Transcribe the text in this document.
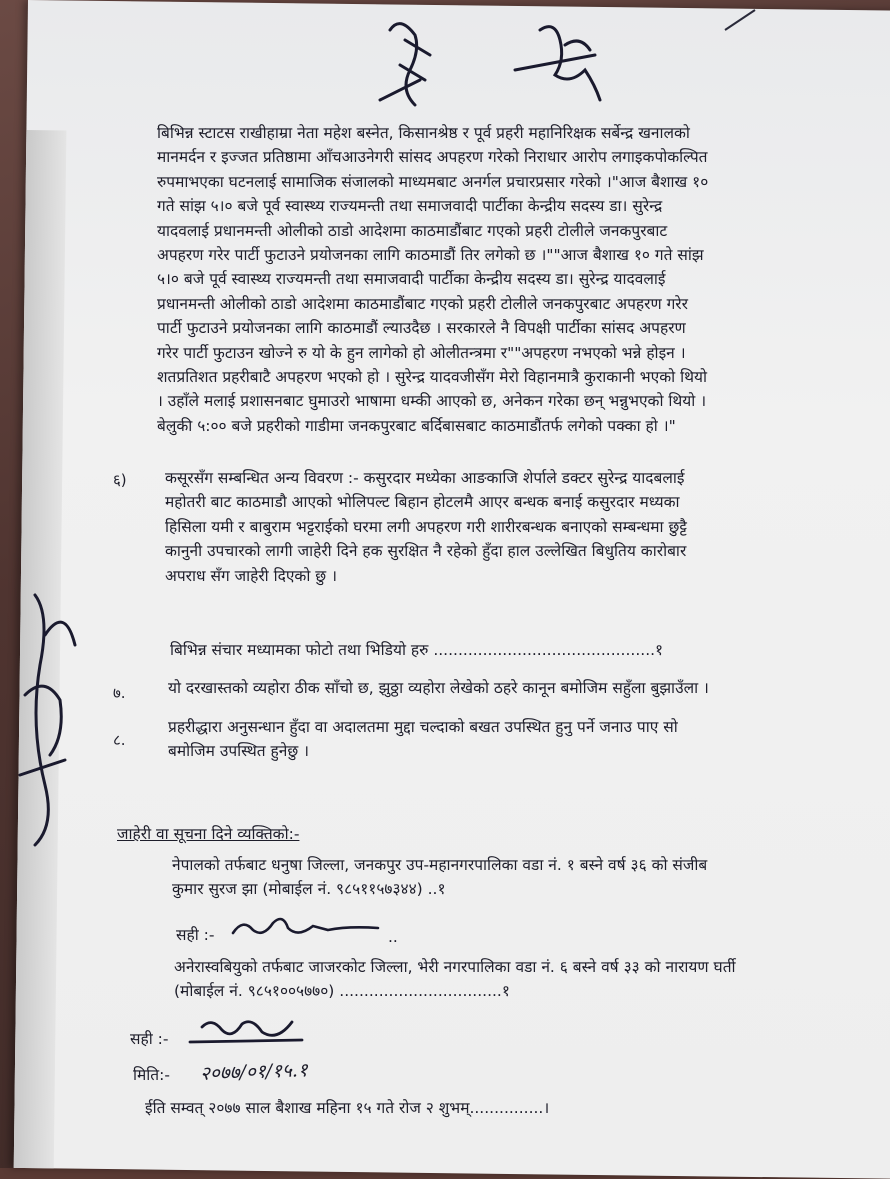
बिभिन्न स्टाटस राखीहाम्रा नेता महेश बस्नेत, किसानश्रेष्ठ र पूर्व प्रहरी महानिरिक्षक सर्बेन्द्र खनालको
मानमर्दन र इज्जत प्रतिष्ठामा आँचआउनेगरी सांसद अपहरण गरेको निराधार आरोप लगाइकपोकल्पित
रुपमाभएका घटनलाई सामाजिक संजालको माध्यमबाट अनर्गल प्रचारप्रसार गरेको ।"आज बैशाख १०
गते सांझ ५।० बजे पूर्व स्वास्थ्य राज्यमन्ती तथा समाजवादी पार्टीका केन्द्रीय सदस्य डा। सुरेन्द्र
यादवलाई प्रधानमन्ती ओलीको ठाडो आदेशमा काठमाडौंबाट गएको प्रहरी टोलीले जनकपुरबाट
अपहरण गरेर पार्टी फुटाउने प्रयोजनका लागि काठमाडौं तिर लगेको छ ।""आज बैशाख १० गते सांझ
५।० बजे पूर्व स्वास्थ्य राज्यमन्ती तथा समाजवादी पार्टीका केन्द्रीय सदस्य डा। सुरेन्द्र यादवलाई
प्रधानमन्ती ओलीको ठाडो आदेशमा काठमाडौंबाट गएको प्रहरी टोलीले जनकपुरबाट अपहरण गरेर
पार्टी फुटाउने प्रयोजनका लागि काठमाडौं ल्याउदैछ । सरकारले नै विपक्षी पार्टीका सांसद अपहरण
गरेर पार्टी फुटाउन खोज्ने रु यो के हुन लागेको हो ओलीतन्त्रमा र""अपहरण नभएको भन्ने होइन ।
शतप्रतिशत प्रहरीबाटै अपहरण भएको हो । सुरेन्द्र यादवजीसँग मेरो विहानमात्रै कुराकानी भएको थियो
। उहाँले मलाई प्रशासनबाट घुमाउरो भाषामा धम्की आएको छ, अनेकन गरेका छन् भन्नुभएको थियो ।
बेलुकी ५:०० बजे प्रहरीको गाडीमा जनकपुरबाट बर्दिबासबाट काठमाडौंतर्फ लगेको पक्का हो ।"
६) कसूरसँग सम्बन्धित अन्य विवरण :- कसुरदार मध्येका आङकाजि शेर्पाले डक्टर सुरेन्द्र यादबलाई
महोतरी बाट काठमाडौ आएको भोलिपल्ट बिहान होटलमै आएर बन्धक बनाई कसुरदार मध्यका
हिसिला यमी र बाबुराम भट्टराईको घरमा लगी अपहरण गरी शारीरबन्धक बनाएको सम्बन्धमा छुट्टै
कानुनी उपचारको लागी जाहेरी दिने हक सुरक्षित नै रहेको हुँदा हाल उल्लेखित बिधुतिय कारोबार
अपराध सँग जाहेरी दिएको छु ।
बिभिन्न संचार मध्यामका फोटो तथा भिडियो हरु .............................................१
७.	यो दरखास्तको व्यहोरा ठीक साँचो छ, झुठ्ठा व्यहोरा लेखेको ठहरे कानून बमोजिम सहुँला बुझाउँला ।
८.
प्रहरीद्धारा अनुसन्धान हुँदा वा अदालतमा मुद्दा चल्दाको बखत उपस्थित हुनु पर्ने जनाउ पाए सो
बमोजिम उपस्थित हुनेछु ।
जाहेरी वा सूचना दिने व्यक्तिको:-
नेपालको तर्फबाट धनुषा जिल्ला, जनकपुर उप-महानगरपालिका वडा नं. १ बस्ने वर्ष ३६ को संजीब
कुमार सुरज झा (मोबाईल नं. ९८५११५७३४४) ..१
सही :-	..
अनेरास्वबियुको तर्फबाट जाजरकोट जिल्ला, भेरी नगरपालिका वडा नं. ६ बस्ने वर्ष ३३ को नारायण घर्ती
(मोबाईल नं. ९८५१००५७७०) .................................१
सही :-
मिति:- २०७७/०१/१५.१
ईति सम्वत् २०७७ साल बैशाख महिना १५ गते रोज २ शुभम्...............।
